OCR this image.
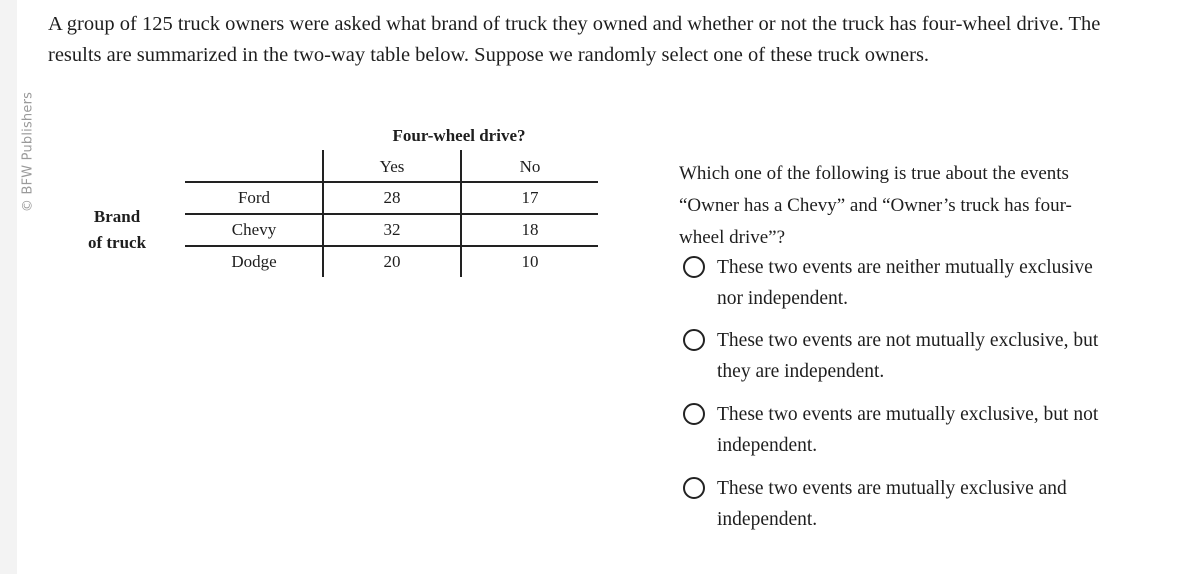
© BFW Publishers
A group of 125 truck owners were asked what brand of truck they owned and whether or not the truck has four-wheel drive. The
results are summarized in the two-way table below. Suppose we randomly select one of these truck owners.
Four-wheel drive?
Brand
of truck
Yes	No
Ford	28	17
Chevy	32	18
Dodge	20	10
Which one of the following is true about the events
“Owner has a Chevy” and “Owner’s truck has four-
wheel drive”?
These two events are neither mutually exclusive
nor independent.
These two events are not mutually exclusive, but
they are independent.
These two events are mutually exclusive, but not
independent.
These two events are mutually exclusive and
independent.
